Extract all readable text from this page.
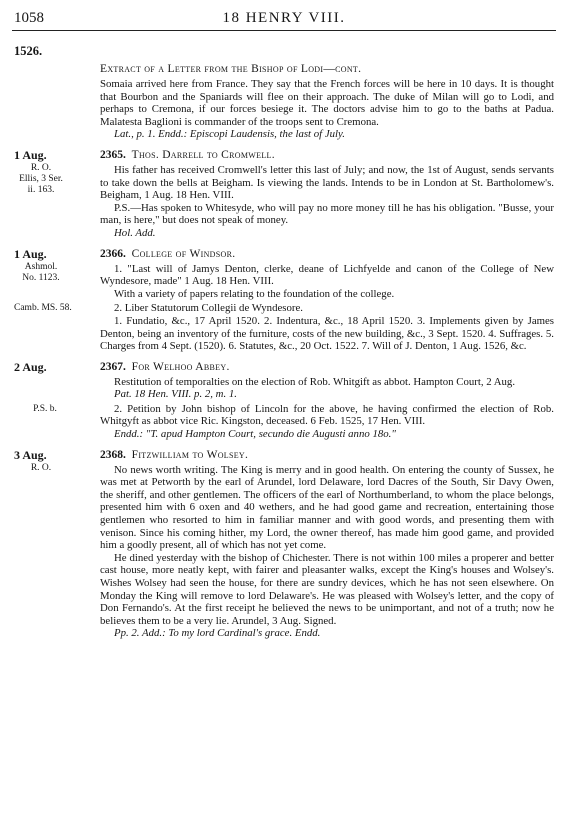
1058	18 HENRY VIII.
1526.
Extract of a Letter from the Bishop of Lodi—cont.

Somaia arrived here from France. They say that the French forces will be here in 10 days. It is thought that Bourbon and the Spaniards will flee on their approach. The duke of Milan will go to Lodi, and perhaps to Cremona, if our forces besiege it. The doctors advise him to go to the baths at Padua. Malatesta Baglioni is commander of the troops sent to Cremona.

Lat., p. 1. Endd.: Episcopi Laudensis, the last of July.

1 Aug.
R. O.
Ellis, 3 Ser.
ii. 163.
2365. Thos. Darrell to Cromwell.

His father has received Cromwell's letter this last of July; and now, the 1st of August, sends servants to take down the bells at Beigham. Is viewing the lands. Intends to be in London at St. Bartholomew's. Beigham, 1 Aug. 18 Hen. VIII.

P.S.—Has spoken to Whitesyde, who will pay no more money till he has his obligation. "Busse, your man, is here," but does not speak of money.

Hol. Add.

1 Aug.
Ashmol.
No. 1123.
2366. College of Windsor.

1. "Last will of Jamys Denton, clerke, deane of Lichfyelde and canon of the College of New Wyndesore, made" 1 Aug. 18 Hen. VIII.

With a variety of papers relating to the foundation of the college.

Camb. MS. 58.	2. Liber Statutorum Collegii de Wyndesore.

1. Fundatio, &c., 17 April 1520. 2. Indentura, &c., 18 April 1520. 3. Implements given by James Denton, being an inventory of the furniture, costs of the new building, &c., 3 Sept. 1520. 4. Suffrages. 5. Charges from 4 Sept. (1520). 6. Statutes, &c., 20 Oct. 1522. 7. Will of J. Denton, 1 Aug. 1526, &c.

2 Aug.	2367. For Welhoo Abbey.

Restitution of temporalties on the election of Rob. Whitgift as abbot. Hampton Court, 2 Aug.

Pat. 18 Hen. VIII. p. 2, m. 1.

P.S. b.	2. Petition by John bishop of Lincoln for the above, he having confirmed the election of Rob. Whitgyft as abbot vice Ric. Kingston, deceased. 6 Feb. 1525, 17 Hen. VIII.

Endd.: "T. apud Hampton Court, secundo die Augusti anno 18o."

3 Aug.
R. O.
2368. Fitzwilliam to Wolsey.

No news worth writing. The King is merry and in good health. On entering the county of Sussex, he was met at Petworth by the earl of Arundel, lord Delaware, lord Dacres of the South, Sir Davy Owen, the sheriff, and other gentlemen. The officers of the earl of Northumberland, to whom the place belongs, presented him with 6 oxen and 40 wethers, and he had good game and recreation, entertaining those gentlemen who resorted to him in familiar manner and with good words, and presenting them with venison. Since his coming hither, my Lord, the owner thereof, has made him good game, and provided him a goodly present, all of which has not yet come.

He dined yesterday with the bishop of Chichester. There is not within 100 miles a properer and better cast house, more neatly kept, with fairer and pleasanter walks, except the King's houses and Wolsey's. Wishes Wolsey had seen the house, for there are sundry devices, which he has not seen elsewhere. On Monday the King will remove to lord Delaware's. He was pleased with Wolsey's letter, and the copy of Don Fernando's. At the first receipt he believed the news to be unimportant, and not of a truth; now he believes them to be a very lie. Arundel, 3 Aug. Signed.

Pp. 2. Add.: To my lord Cardinal's grace. Endd.
